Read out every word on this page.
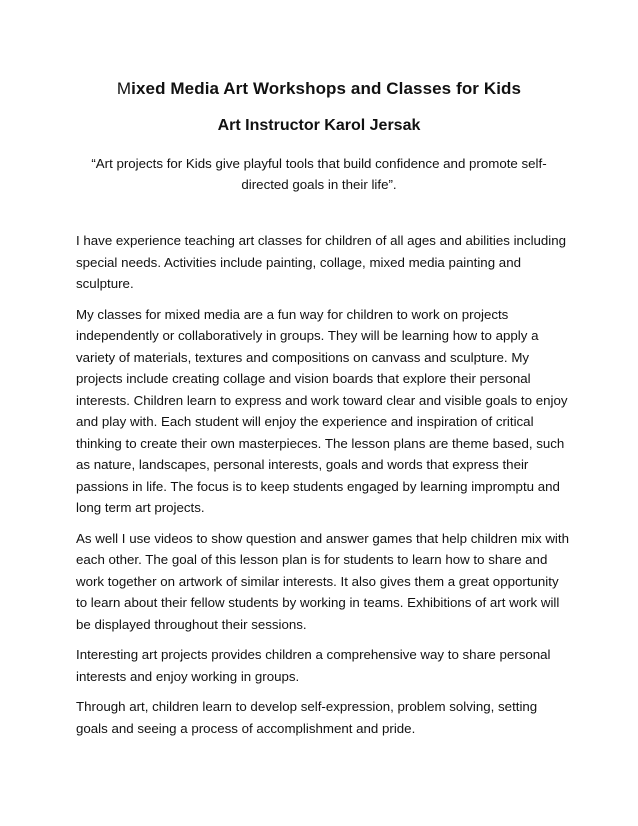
Mixed Media Art Workshops and Classes for Kids
Art Instructor Karol Jersak

“Art projects for Kids give playful tools that build confidence and promote self-directed goals in their life”.

I have experience teaching art classes for children of all ages and abilities including special needs. Activities include painting, collage, mixed media painting and sculpture.

My classes for mixed media are a fun way for children to work on projects independently or collaboratively in groups. They will be learning how to apply a variety of materials, textures and compositions on canvass and sculpture. My projects include creating collage and vision boards that explore their personal interests. Children learn to express and work toward clear and visible goals to enjoy and play with. Each student will enjoy the experience and inspiration of critical thinking to create their own masterpieces. The lesson plans are theme based, such as nature, landscapes, personal interests, goals and words that express their passions in life. The focus is to keep students engaged by learning impromptu and long term art projects.

As well I use videos to show question and answer games that help children mix with each other. The goal of this lesson plan is for students to learn how to share and work together on artwork of similar interests. It also gives them a great opportunity to learn about their fellow students by working in teams. Exhibitions of art work will be displayed throughout their sessions.

Interesting art projects provides children a comprehensive way to share personal interests and enjoy working in groups.

Through art, children learn to develop self-expression, problem solving, setting goals and seeing a process of accomplishment and pride.
